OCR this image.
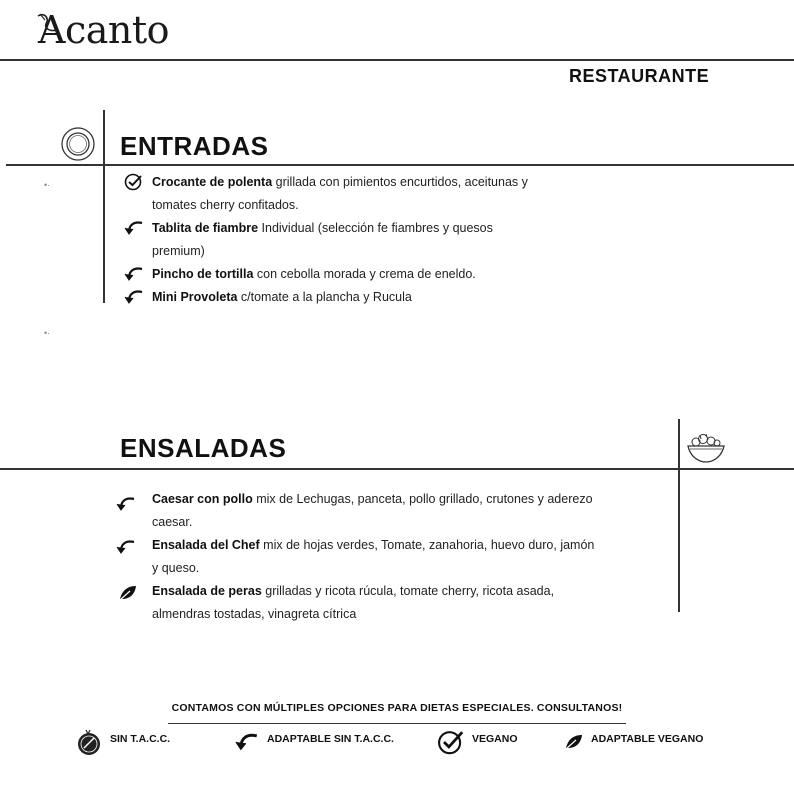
Acanto
RESTAURANTE
ENTRADAS
•·
•·
Crocante de polenta grillada con pimientos encurtidos, aceitunas y
tomates cherry confitados.
Tablita de fiambre Individual (selección fe fiambres y quesos
premium)
Pincho de tortilla con cebolla morada y crema de eneldo.
Mini Provoleta c/tomate a la plancha y Rucula
ENSALADAS
Caesar con pollo mix de Lechugas, panceta, pollo grillado, crutones y aderezo
caesar.
Ensalada del Chef mix de hojas verdes, Tomate, zanahoria, huevo duro, jamón
y queso.
Ensalada de peras grilladas y ricota rúcula, tomate cherry, ricota asada,
almendras tostadas, vinagreta cítrica
CONTAMOS CON MÚLTIPLES OPCIONES PARA DIETAS ESPECIALES. CONSULTANOS!
SIN T.A.C.C.	ADAPTABLE SIN T.A.C.C.	VEGANO	ADAPTABLE VEGANO
